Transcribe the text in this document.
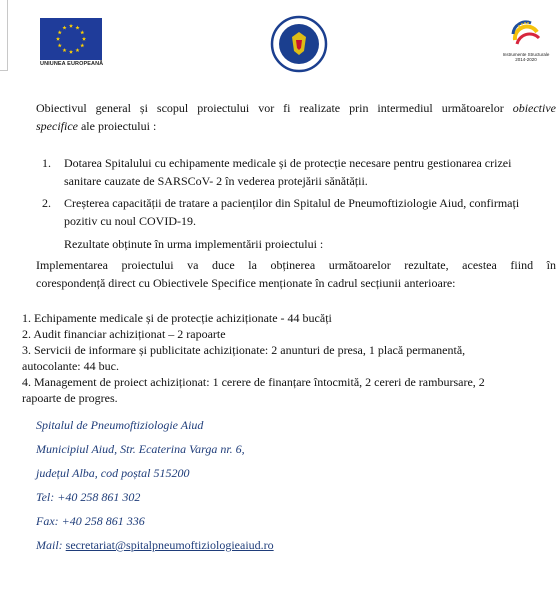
UNIUNEA EUROPEANĂ
Instrumente Structurale
2014-2020
Obiectivul general și scopul proiectului vor fi realizate prin intermediul următoarelor obiective
specifice ale proiectului :
1. Dotarea Spitalului cu echipamente medicale și de protecție necesare pentru gestionarea crizei
sanitare cauzate de SARSCoV- 2 în vederea protejării sănătății.
2. Creșterea capacității de tratare a pacienților din Spitalul de Pneumoftiziologie Aiud, confirmați
pozitiv cu noul COVID-19.
Rezultate obținute în urma implementării proiectului :
Implementarea proiectului va duce la obținerea următoarelor rezultate, acestea fiind în
corespondență direct cu Obiectivele Specifice menționate în cadrul secțiunii anterioare:
1. Echipamente medicale și de protecție achiziționate - 44 bucăți
2. Audit financiar achiziționat – 2 rapoarte
3. Servicii de informare și publicitate achiziționate: 2 anunturi de presa, 1 placă permanentă,
autocolante: 44 buc.
4. Management de proiect achiziționat: 1 cerere de finanțare întocmită, 2 cereri de rambursare, 2
rapoarte de progres.
Spitalul de Pneumoftiziologie Aiud
Municipiul Aiud, Str. Ecaterina Varga nr. 6,
județul Alba, cod poștal 515200
Tel: +40 258 861 302
Fax: +40 258 861 336
Mail: secretariat@spitalpneumoftiziologieaiud.ro
